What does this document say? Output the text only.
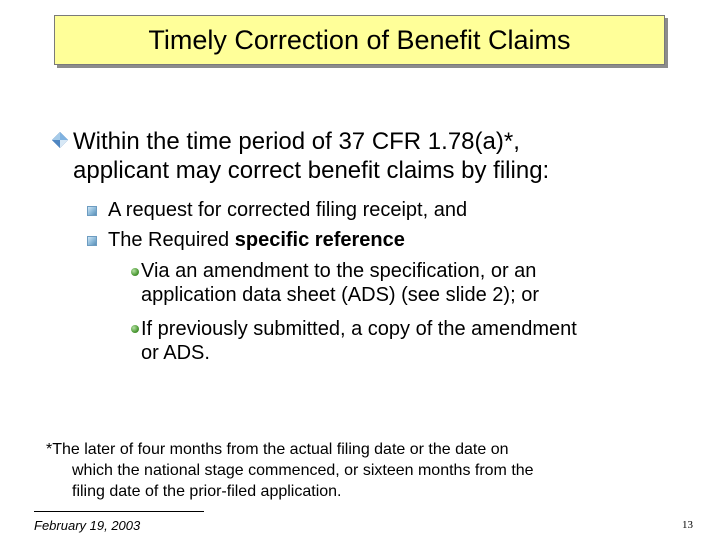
Timely Correction of Benefit Claims
Within the time period of 37 CFR 1.78(a)*,
applicant may correct benefit claims by filing:
A request for corrected filing receipt, and
The Required specific reference
Via an amendment to the specification, or an
application data sheet (ADS) (see slide 2); or
If previously submitted, a copy of the amendment
or ADS.
*The later of four months from the actual filing date or the date on
which the national stage commenced, or sixteen months from the
filing date of the prior-filed application.
February 19, 2003	13
